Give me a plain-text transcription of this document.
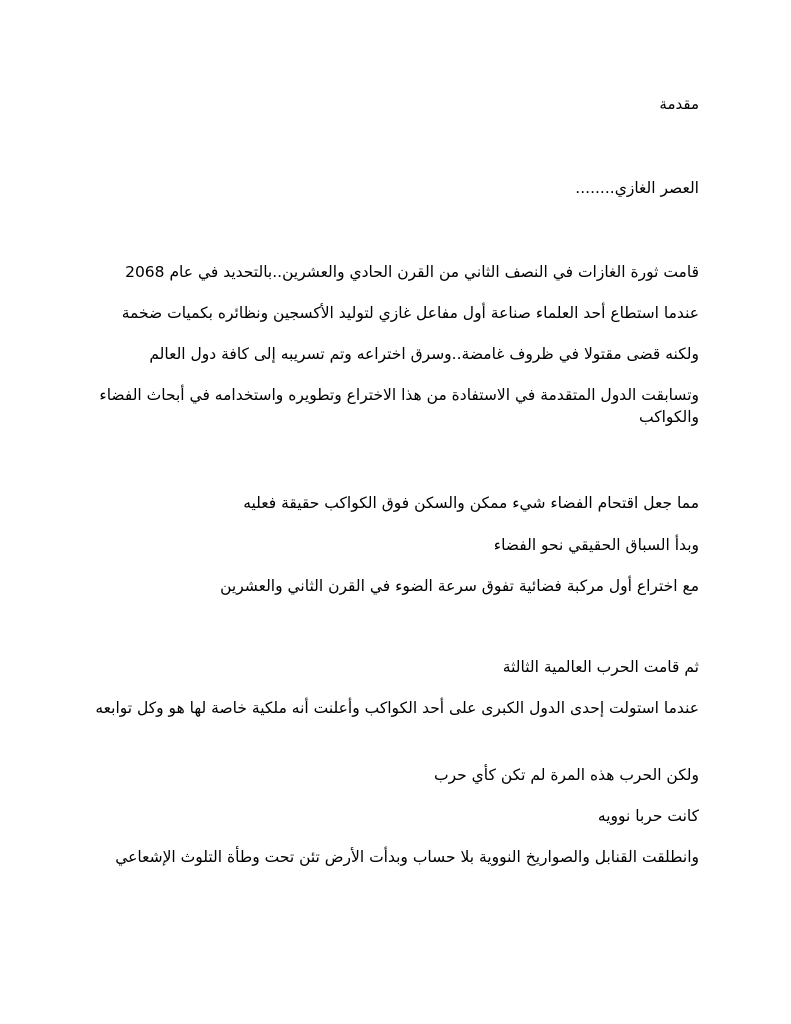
مقدمة
العصر الغازي........
قامت ثورة الغازات في النصف الثاني من القرن الحادي والعشرين..بالتحديد في عام 2068
عندما استطاع أحد العلماء صناعة أول مفاعل غازي لتوليد الأكسجين ونظائره بكميات ضخمة
ولكنه قضى مقتولا في ظروف غامضة..وسرق اختراعه وتم تسريبه إلى كافة دول العالم
وتسابقت الدول المتقدمة في الاستفادة من هذا الاختراع وتطويره واستخدامه في أبحاث الفضاء والكواكب
مما جعل اقتحام الفضاء شيء ممكن والسكن فوق الكواكب حقيقة فعليه
وبدأ السباق الحقيقي نحو الفضاء
مع اختراع أول مركبة فضائية تفوق سرعة الضوء في القرن الثاني والعشرين
ثم قامت الحرب العالمية الثالثة
عندما استولت إحدى الدول الكبرى على أحد الكواكب وأعلنت أنه ملكية خاصة لها هو وكل توابعه
ولكن الحرب هذه المرة لم تكن كأي حرب
كانت حربا نوويه
وانطلقت القنابل والصواريخ النووية بلا حساب وبدأت الأرض تئن تحت وطأة التلوث الإشعاعي
